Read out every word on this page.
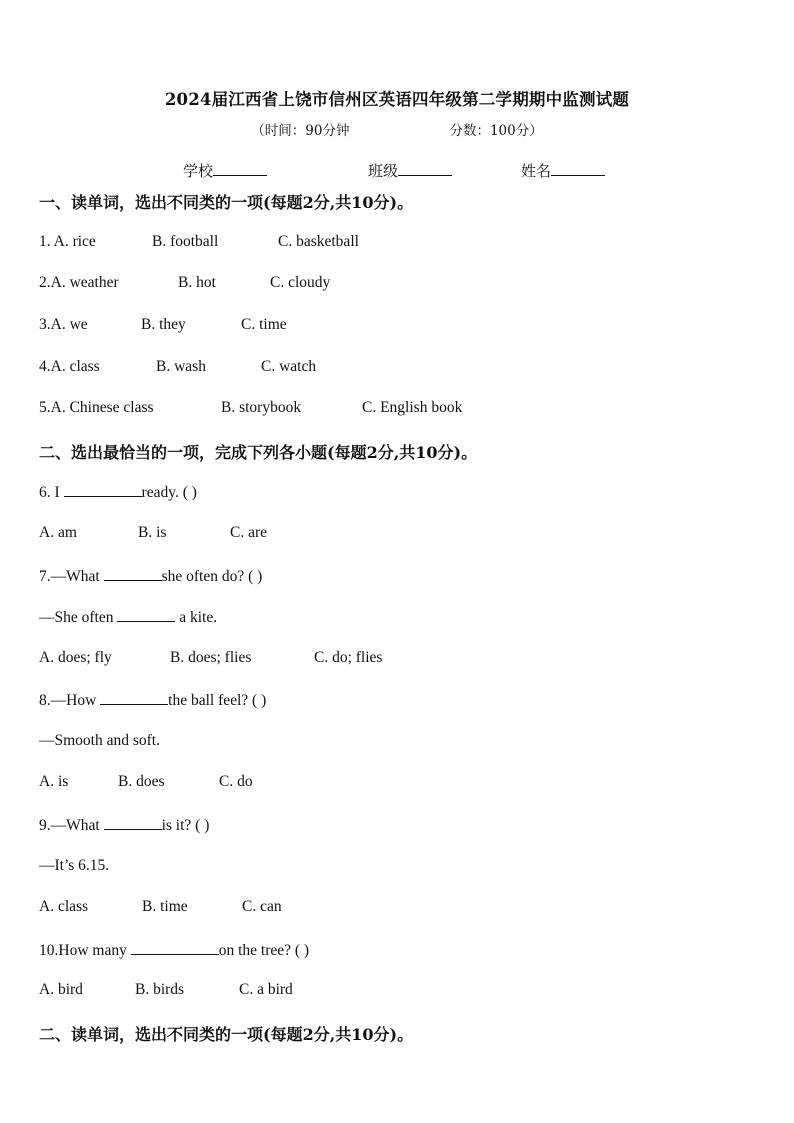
2024届江西省上饶市信州区英语四年级第二学期期中监测试题
（时间：90分钟	分数：100分）
学校	班级	姓名
一、读单词，选出不同类的一项(每题2分,共10分)。
1. A. rice	B. football	C. basketball
2.A. weather	B. hot	C. cloudy
3.A. we	B. they	C. time
4.A. class	B. wash	C. watch
5.A. Chinese class	B. storybook	C. English book
二、选出最恰当的一项，完成下列各小题(每题2分,共10分)。
6. I	ready. ( )
A. am	B. is	C. are
7.—What	she often do? ( )
—She often	a kite.
A. does; fly	B. does; flies	C. do; flies
8.—How	the ball feel? ( )
—Smooth and soft.
A. is	B. does	C. do
9.—What	is it? ( )
—It’s 6.15.
A. class	B. time	C. can
10.How many	on the tree? ( )
A. bird	B. birds	C. a bird
二、读单词，选出不同类的一项(每题2分,共10分)。
